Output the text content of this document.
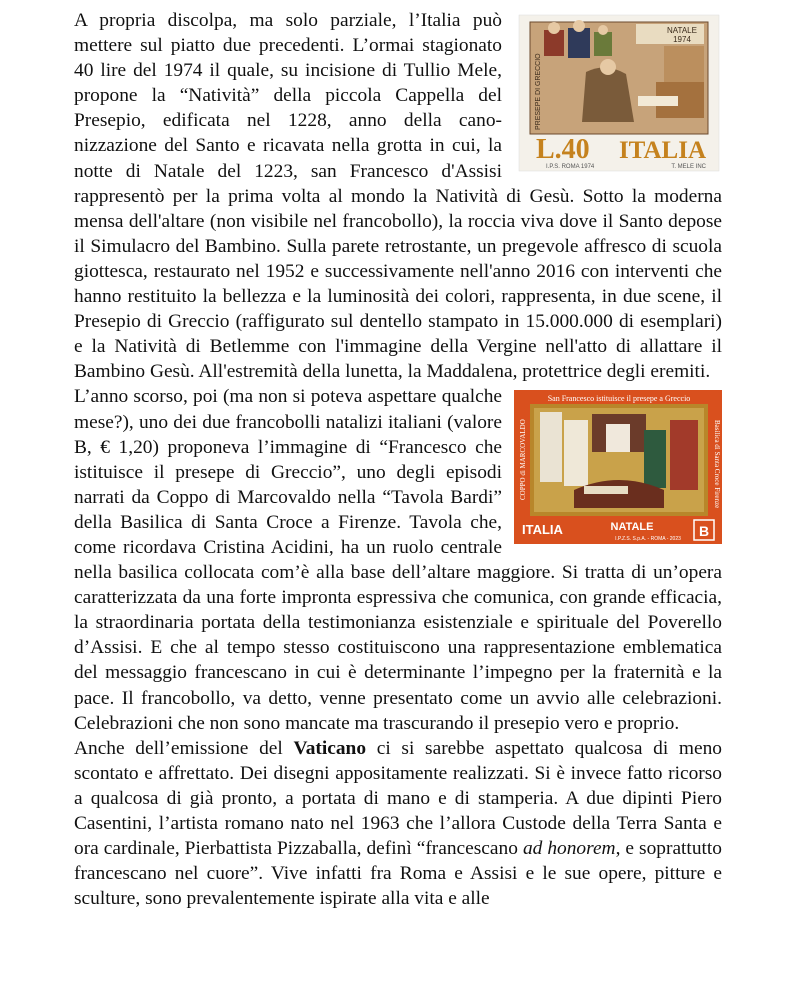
PRESEPE DI GRECCIO
NATALE
1974
L.40 ITALIA
I.P.S. ROMA 1974	T. MELE INC

A propria discolpa, ma solo parziale, l’Italia può mettere sul piatto due precedenti. L’ormai stagionato 40 lire del 1974 il quale, su incisione di Tullio Mele, propone la “Natività” della piccola Cappella del Presepio, edificata nel 1228, anno della canonizzazione del Santo e ricavata nella grotta in cui, la notte di Natale del 1223, san Francesco d'Assisi rappresentò per la prima volta al mondo la Natività di Gesù. Sotto la moderna mensa dell'altare (non visibile nel francobollo), la roccia viva dove il Santo depose il Simulacro del Bambino. Sulla parete retrostante, un pregevole affresco di scuola giottesca, restaurato nel 1952 e successivamente nell'anno 2016 con interventi che hanno restituito la bellezza e la luminosità dei colori, rappresenta, in due scene, il Presepio di Greccio (raffigurato sul dentello stampato in 15.000.000 di esemplari) e la Natività di Betlemme con l'immagine della Vergine nell'atto di allattare il Bambino Gesù. All'estremità della lunetta, la Maddalena, protettrice degli eremiti.

San Francesco istituisce il presepe a Greccio
COPPO di MARCOVALDO	Basilica di Santa Croce Firenze
ITALIA	NATALE
I.P.Z.S. S.p.A. - ROMA - 2023 B

L’anno scorso, poi (ma non si poteva aspettare qualche mese?), uno dei due francobolli natalizi italiani (valore B, € 1,20) proponeva l’immagine di “Francesco che istituisce il presepe di Greccio”, uno degli episodi narrati da Coppo di Marcovaldo nella “Tavola Bardi” della Basilica di Santa Croce a Firenze. Tavola che, come ricordava Cristina Acidini, ha un ruolo centrale nella basilica collocata com’è alla base dell’altare maggiore. Si tratta di un’opera caratterizzata da una forte impronta espressiva che comunica, con grande efficacia, la straordinaria portata della testimonianza esistenziale e spirituale del Poverello d’Assisi. E che al tempo stesso costituiscono una rappresentazione emblematica del messaggio francescano in cui è determinante l’impegno per la fraternità e la pace. Il francobollo, va detto, venne presentato come un avvio alle celebrazioni. Celebrazioni che non sono mancate ma trascurando il presepio vero e proprio.

Anche dell’emissione del Vaticano ci si sarebbe aspettato qualcosa di meno scontato e affrettato. Dei disegni appositamente realizzati. Si è invece fatto ricorso a qualcosa di già pronto, a portata di mano e di stamperia. A due dipinti Piero Casentini, l’artista romano nato nel 1963 che l’allora Custode della Terra Santa e ora cardinale, Pierbattista Pizzaballa, definì “francescano ad honorem, e soprattutto francescano nel cuore”. Vive infatti fra Roma e Assisi e le sue opere, pitture e sculture, sono prevalentemente ispirate alla vita e alle
